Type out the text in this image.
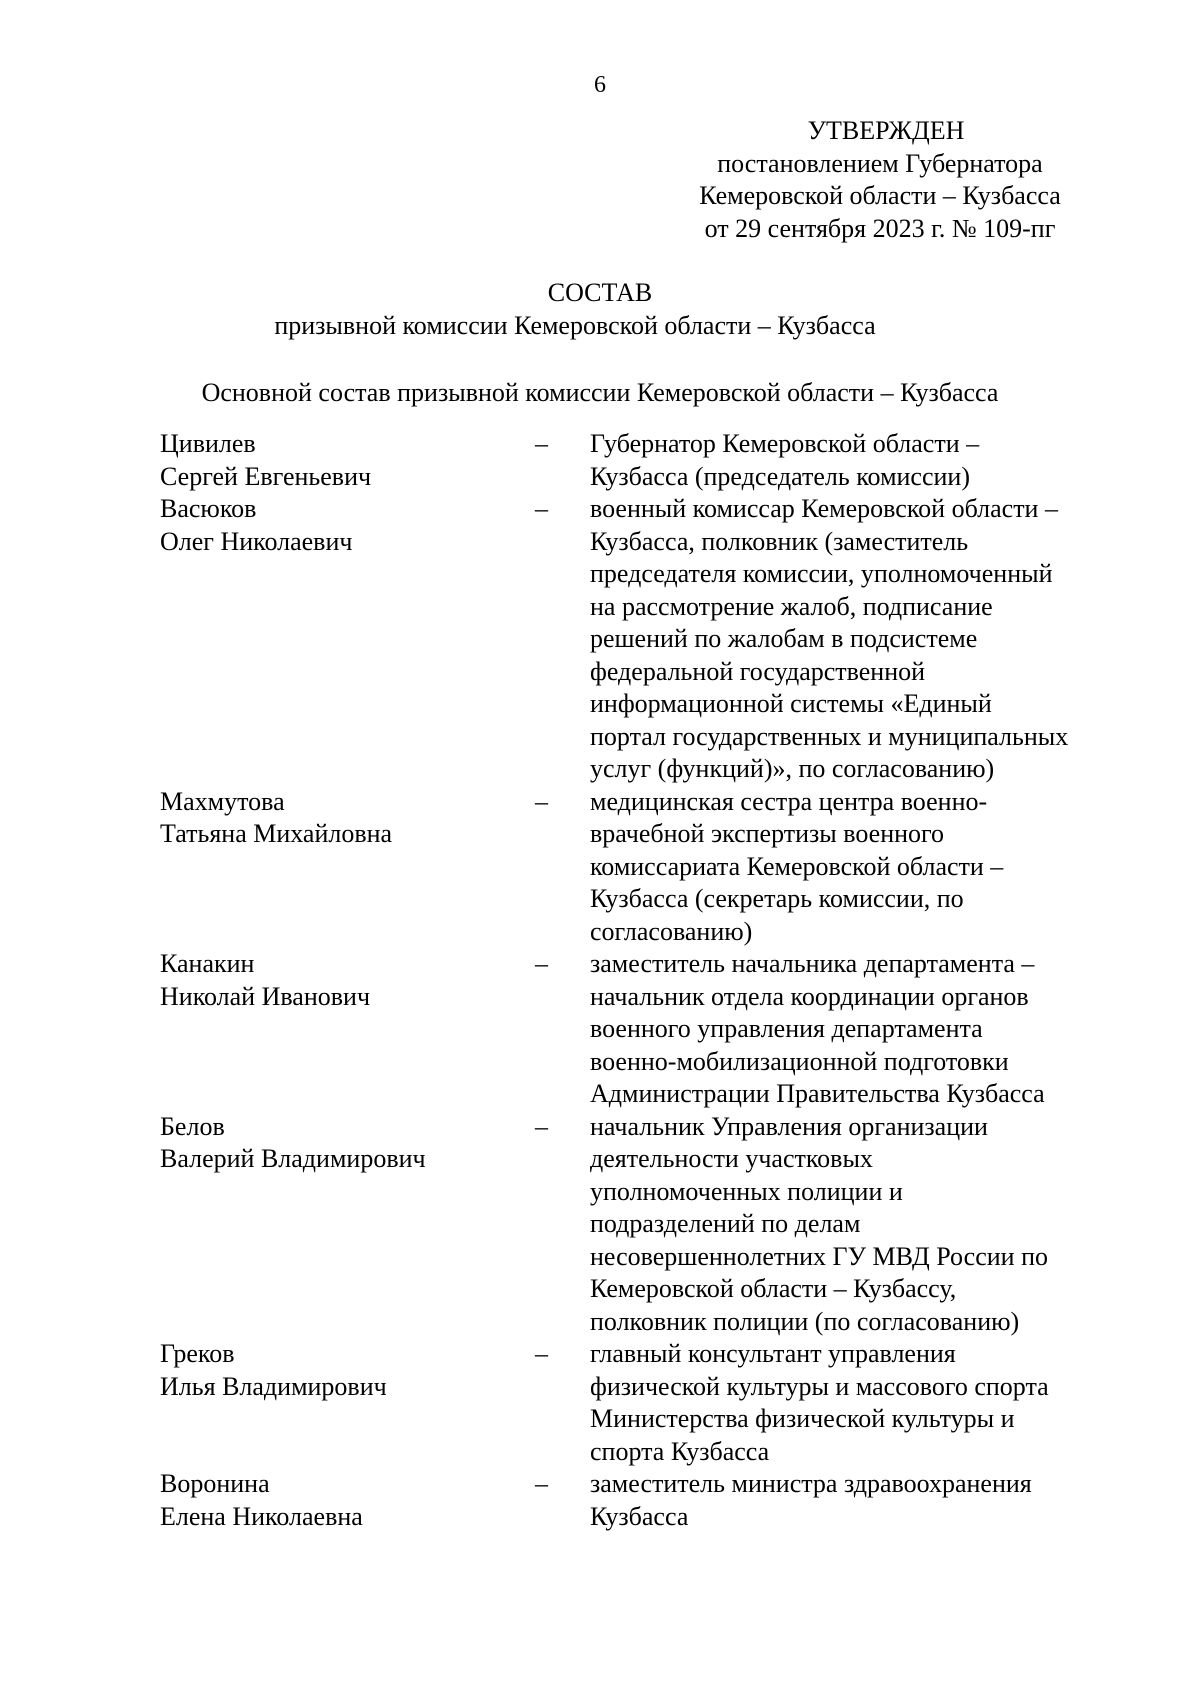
6
УТВЕРЖДЕН
постановлением Губернатора
Кемеровской области – Кузбасса
от 29 сентября 2023 г. № 109-пг
СОСТАВ
призывной комиссии Кемеровской области – Кузбасса
Основной состав призывной комиссии Кемеровской области – Кузбасса
Цивилев
Сергей Евгеньевич
–	Губернатор Кемеровской области –
Кузбасса (председатель комиссии)
Васюков
Олег Николаевич
–	военный комиссар Кемеровской области –
Кузбасса, полковник (заместитель
председателя комиссии, уполномоченный
на рассмотрение жалоб, подписание
решений по жалобам в подсистеме
федеральной государственной
информационной системы «Единый
портал государственных и муниципальных
услуг (функций)», по согласованию)
Махмутова
Татьяна Михайловна
–	медицинская сестра центра военно-
врачебной экспертизы военного
комиссариата Кемеровской области –
Кузбасса (секретарь комиссии, по
согласованию)
Канакин
Николай Иванович
–	заместитель начальника департамента –
начальник отдела координации органов
военного управления департамента
военно-мобилизационной подготовки
Администрации Правительства Кузбасса
Белов
Валерий Владимирович
–	начальник Управления организации
деятельности участковых
уполномоченных полиции и
подразделений по делам
несовершеннолетних ГУ МВД России по
Кемеровской области – Кузбассу,
полковник полиции (по согласованию)
Греков
Илья Владимирович
–	главный консультант управления
физической культуры и массового спорта
Министерства физической культуры и
спорта Кузбасса
Воронина
Елена Николаевна
–	заместитель министра здравоохранения
Кузбасса
